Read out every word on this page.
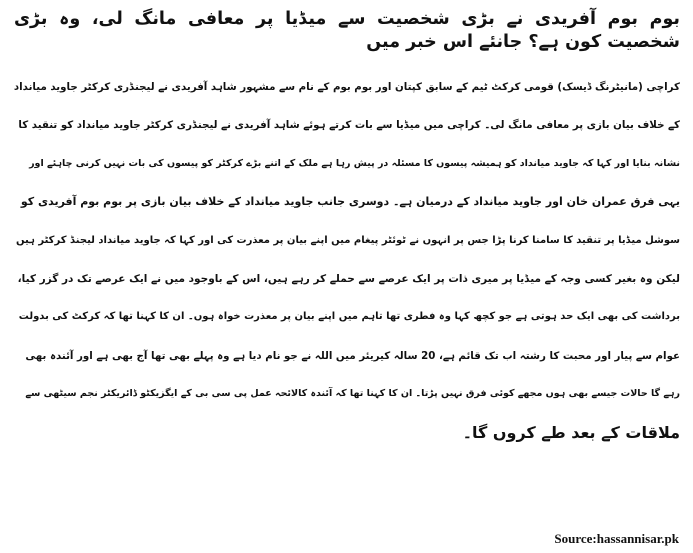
بوم بوم آفریدی نے بڑی شخصیت سے میڈیا پر معافی مانگ لی، وہ بڑی شخصیت کون ہے؟ جانئے اس خبر میں

کراچی (مانیٹرنگ ڈیسک) قومی کرکٹ ٹیم کے سابق کپتان اور بوم بوم کے نام سے مشہور شاہد آفریدی نے لیجنڈری کرکٹر جاوید میانداد

کے خلاف بیان بازی پر معافی مانگ لی۔ کراچی میں میڈیا سے بات کرتے ہوئے شاہد آفریدی نے لیجنڈری کرکٹر جاوید میانداد کو تنقید کا

نشانہ بنایا اور کہا کہ جاوید میانداد کو ہمیشہ پیسوں کا مسئلہ در پیش رہا ہے ملک کے اتنے بڑے کرکٹر کو پیسوں کی بات نہیں کرنی چاہئے اور

یہی فرق عمران خان اور جاوید میانداد کے درمیان ہے۔ دوسری جانب جاوید میانداد کے خلاف بیان بازی پر بوم بوم آفریدی کو

سوشل میڈیا پر تنقید کا سامنا کرنا پڑا جس پر انہوں نے ٹوئٹر پیغام میں اپنے بیان پر معذرت کی اور کہا کہ جاوید میانداد لیجنڈ کرکٹر ہیں

لیکن وہ بغیر کسی وجہ کے میڈیا پر میری ذات پر ایک عرصے سے حملے کر رہے ہیں، اس کے باوجود میں نے ایک عرصے تک در گزر کیا،

برداشت کی بھی ایک حد ہوتی ہے جو کچھ کہا وہ فطری تھا تاہم میں اپنے بیان پر معذرت خواہ ہوں۔ ان کا کہنا تھا کہ کرکٹ کی بدولت

عوام سے پیار اور محبت کا رشتہ اب تک قائم ہے، 20 سالہ کیریئر میں اللہ نے جو نام دیا ہے وہ پہلے بھی تھا آج بھی ہے اور آئندہ بھی

رہے گا حالات جیسے بھی ہوں مجھے کوئی فرق نہیں پڑتا۔ ان کا کہنا تھا کہ آئندہ کالائحہ عمل پی سی بی کے ایگزیکٹو ڈائریکٹر نجم سیٹھی سے

ملاقات کے بعد طے کروں گا۔

Source:hassannisar.pk
